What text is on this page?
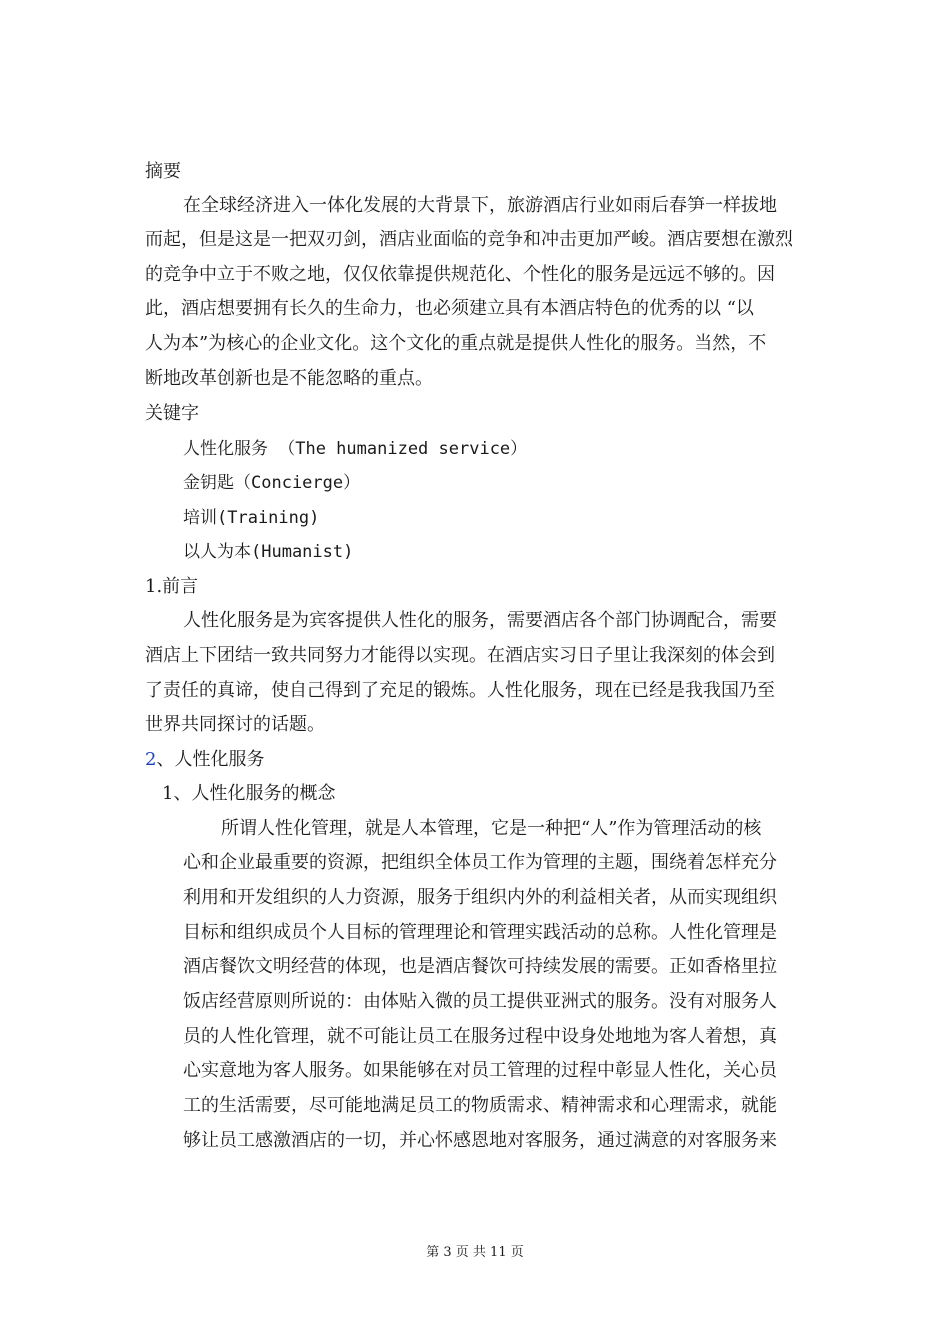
摘要
在全球经济进入一体化发展的大背景下，旅游酒店行业如雨后春笋一样拔地
而起，但是这是一把双刃剑，酒店业面临的竞争和冲击更加严峻。酒店要想在激烈
的竞争中立于不败之地，仅仅依靠提供规范化、个性化的服务是远远不够的。因
此，酒店想要拥有长久的生命力，也必须建立具有本酒店特色的优秀的以 “以
人为本”为核心的企业文化。这个文化的重点就是提供人性化的服务。当然，不
断地改革创新也是不能忽略的重点。
关键字
人性化服务 （The humanized service）
金钥匙（Concierge）
培训(Training)
以人为本(Humanist)
1.前言
人性化服务是为宾客提供人性化的服务，需要酒店各个部门协调配合，需要
酒店上下团结一致共同努力才能得以实现。在酒店实习日子里让我深刻的体会到
了责任的真谛，使自己得到了充足的锻炼。人性化服务，现在已经是我我国乃至
世界共同探讨的话题。
2、人性化服务
1、人性化服务的概念
所谓人性化管理，就是人本管理，它是一种把“人”作为管理活动的核
心和企业最重要的资源，把组织全体员工作为管理的主题，围绕着怎样充分
利用和开发组织的人力资源，服务于组织内外的利益相关者，从而实现组织
目标和组织成员个人目标的管理理论和管理实践活动的总称。人性化管理是
酒店餐饮文明经营的体现，也是酒店餐饮可持续发展的需要。正如香格里拉
饭店经营原则所说的：由体贴入微的员工提供亚洲式的服务。没有对服务人
员的人性化管理，就不可能让员工在服务过程中设身处地地为客人着想，真
心实意地为客人服务。如果能够在对员工管理的过程中彰显人性化，关心员
工的生活需要，尽可能地满足员工的物质需求、精神需求和心理需求，就能
够让员工感激酒店的一切，并心怀感恩地对客服务，通过满意的对客服务来
第 3 页 共 11 页
